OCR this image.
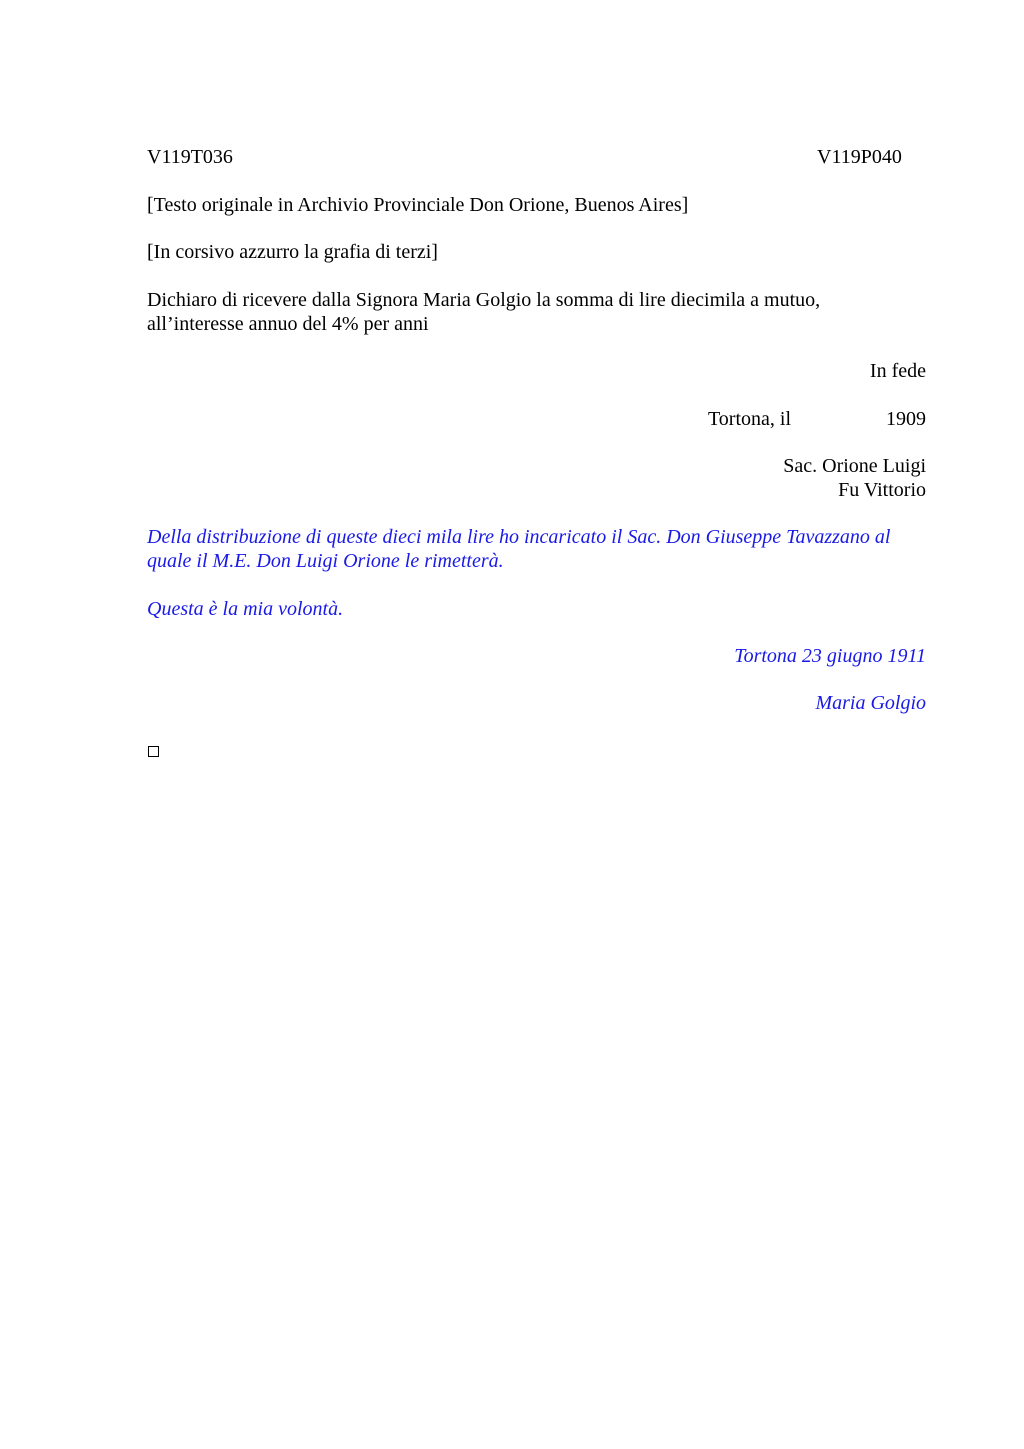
V119T036	V119P040
[Testo originale in Archivio Provinciale Don Orione, Buenos Aires]
[In corsivo azzurro la grafia di terzi]
Dichiaro di ricevere dalla Signora Maria Golgio la somma di lire diecimila a mutuo, all’interesse annuo del 4% per anni
In fede
Tortona, il	1909
Sac. Orione Luigi
Fu Vittorio
Della distribuzione di queste dieci mila lire ho incaricato il Sac. Don Giuseppe Tavazzano al quale il M.E. Don Luigi Orione le rimetterà.
Questa è la mia volontà.
Tortona 23 giugno 1911
Maria Golgio
